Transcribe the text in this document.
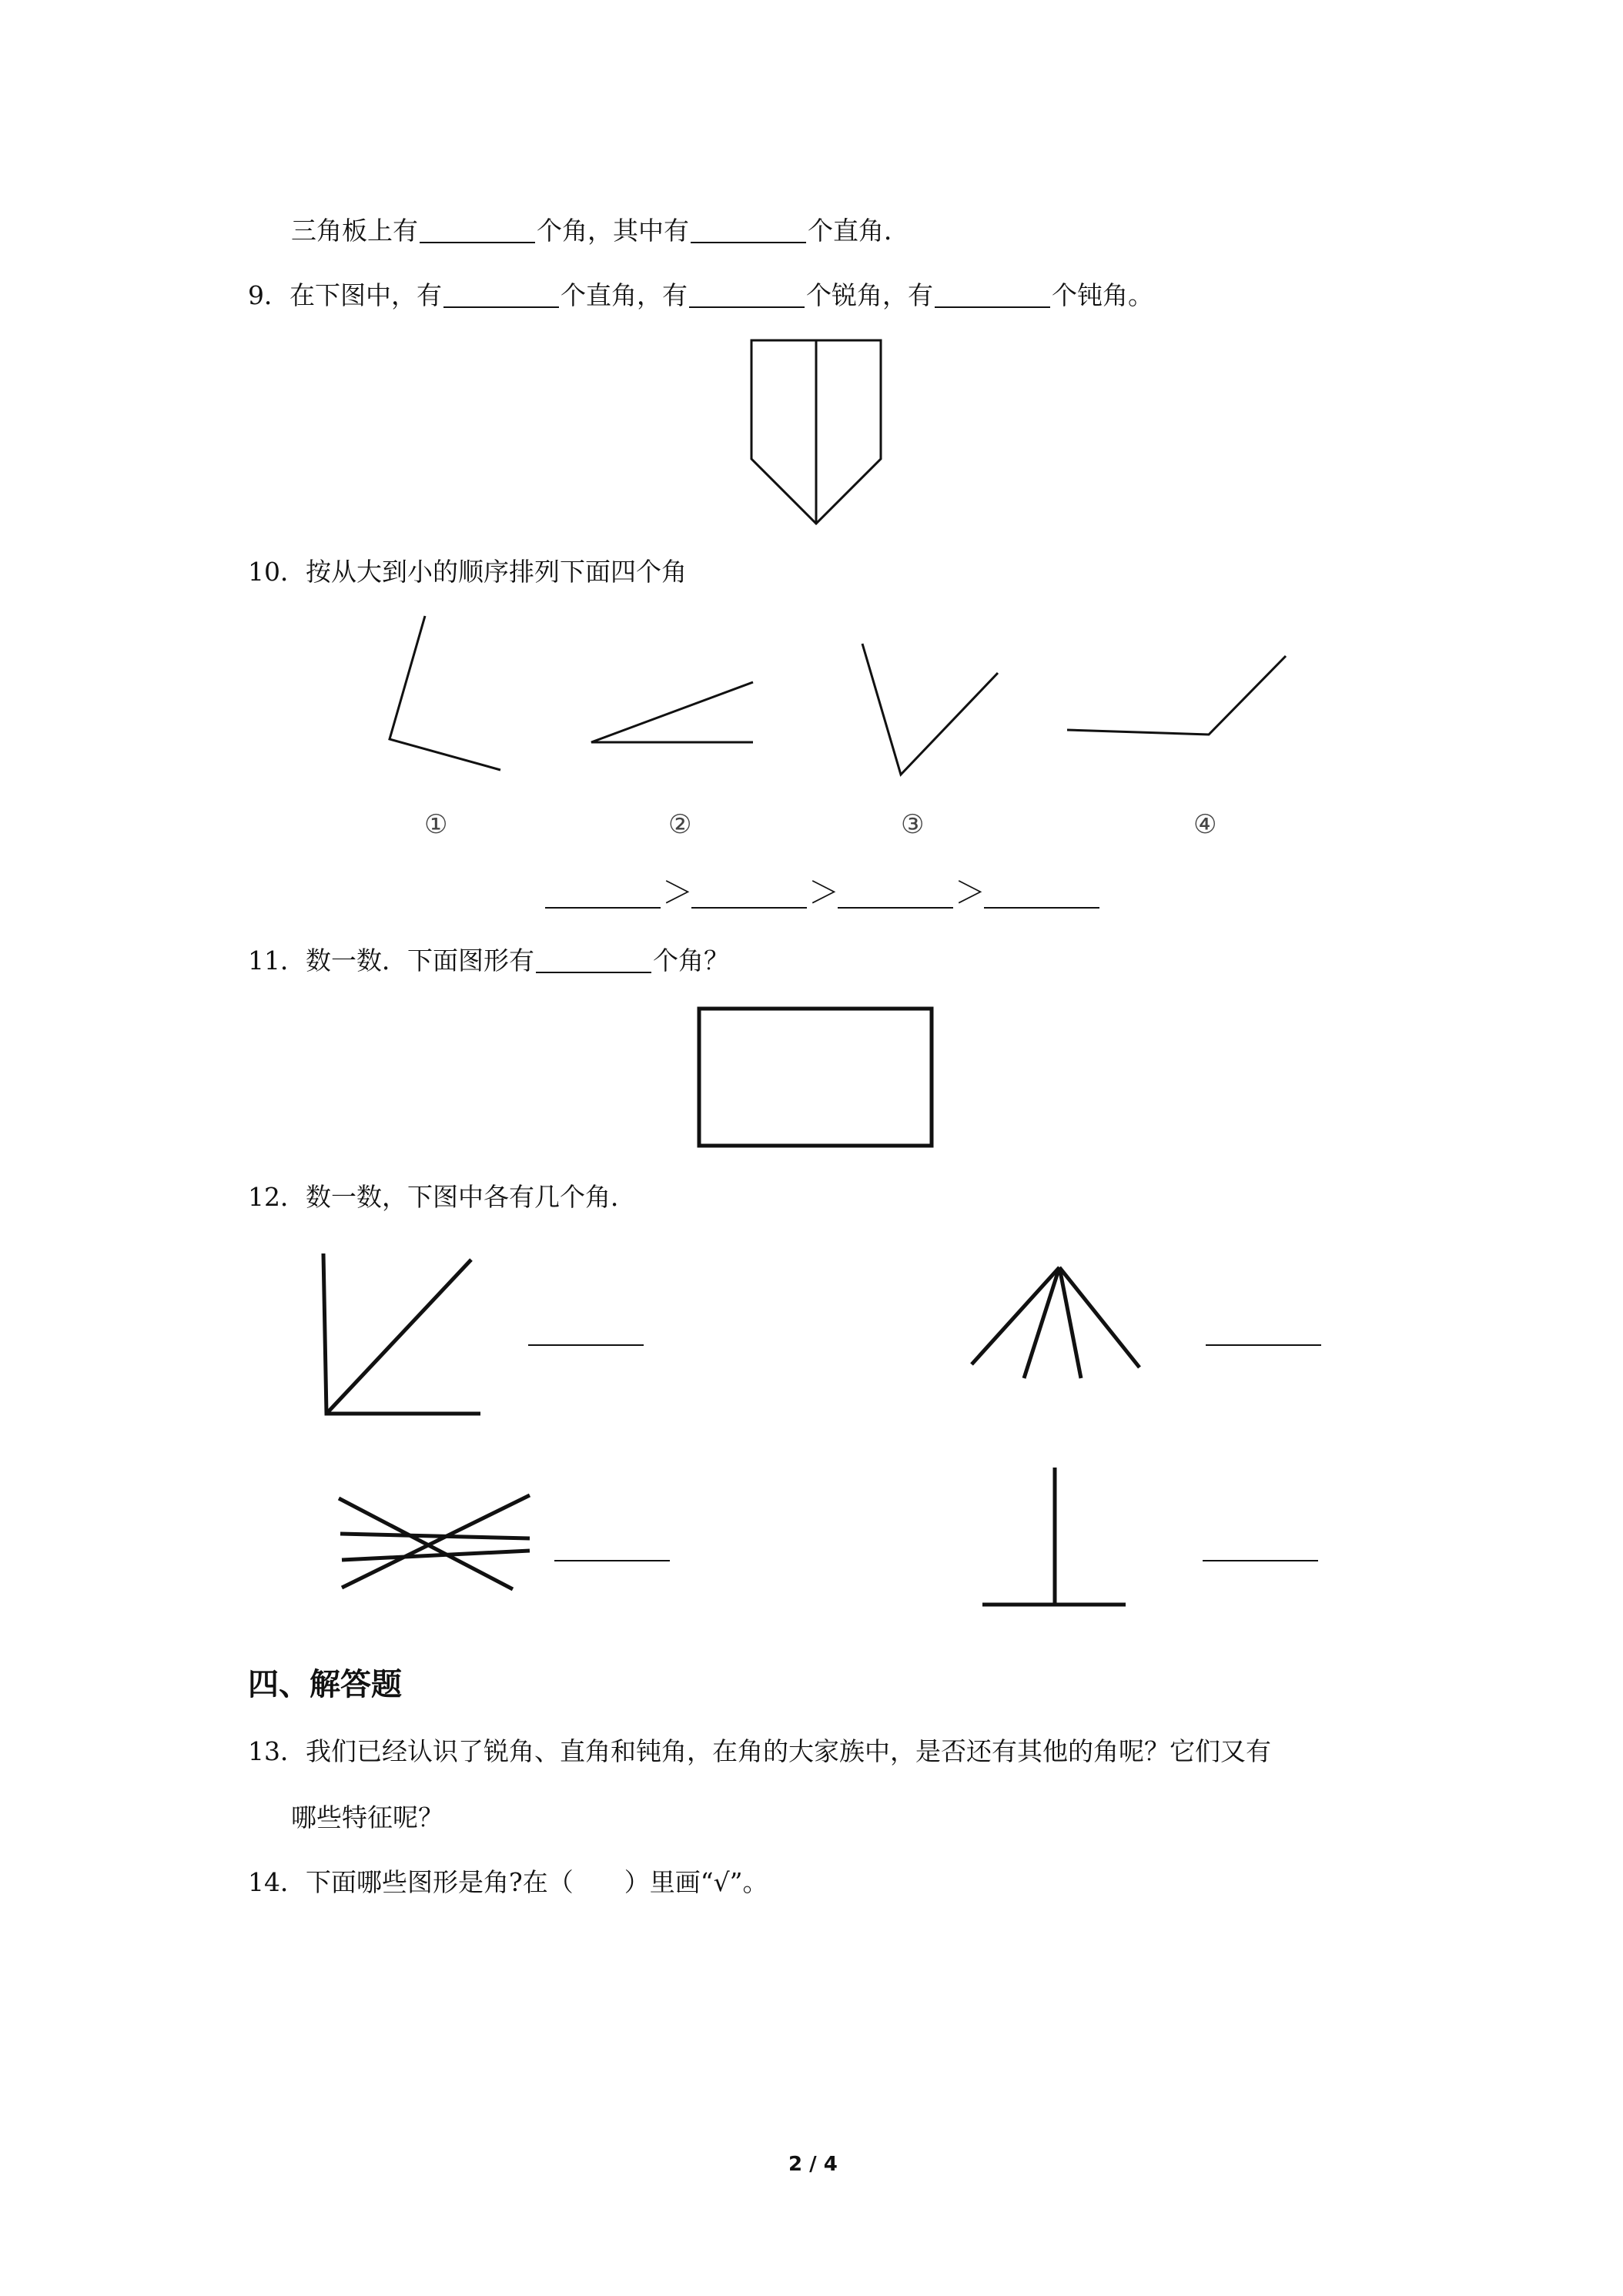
三角板上有	个角，其中有	个直角．
9．在下图中，有	个直角，有	个锐角，有	个钝角。
10．按从大到小的顺序排列下面四个角
①	②	③	④
＞	＞	＞
11．数一数．下面图形有	个角？
12．数一数，下图中各有几个角．
四、解答题
13．我们已经认识了锐角、直角和钝角，在角的大家族中，是否还有其他的角呢？它们又有
哪些特征呢？
14．下面哪些图形是角?在（　　）里画“√”。
2 / 4
